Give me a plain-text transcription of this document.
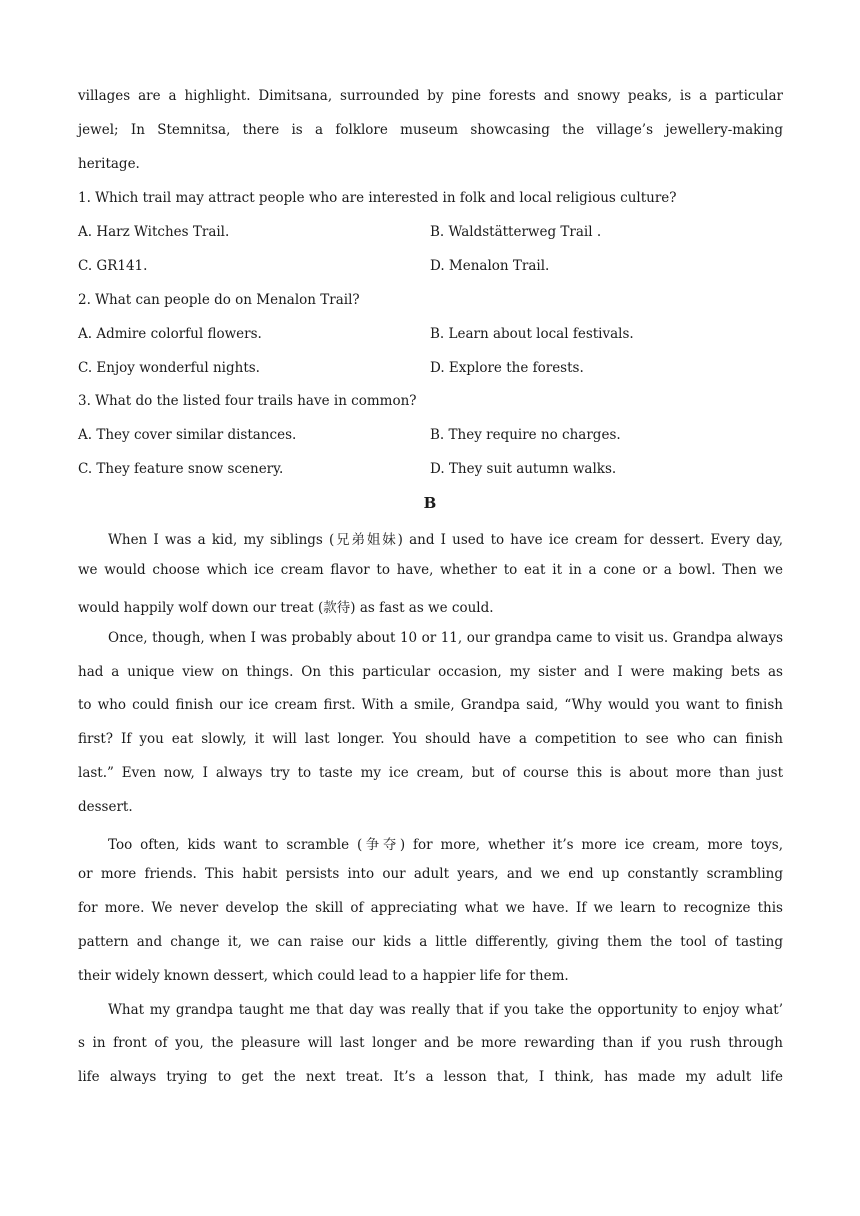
villages are a highlight. Dimitsana, surrounded by pine forests and snowy peaks, is a particular
jewel; In Stemnitsa, there is a folklore museum showcasing the village’s jewellery-making
heritage.
1. Which trail may attract people who are interested in folk and local religious culture?
A. Harz Witches Trail.	B. Waldstätterweg Trail .
C. GR141.	D. Menalon Trail.
2. What can people do on Menalon Trail?
A. Admire colorful flowers.	B. Learn about local festivals.
C. Enjoy wonderful nights.	D. Explore the forests.
3. What do the listed four trails have in common?
A. They cover similar distances.	B. They require no charges.
C. They feature snow scenery.	D. They suit autumn walks.
B
When I was a kid, my siblings (兄弟姐妹) and I used to have ice cream for dessert. Every day,
we would choose which ice cream flavor to have, whether to eat it in a cone or a bowl. Then we
would happily wolf down our treat (款待) as fast as we could.
Once, though, when I was probably about 10 or 11, our grandpa came to visit us. Grandpa always
had a unique view on things. On this particular occasion, my sister and I were making bets as
to who could finish our ice cream first. With a smile, Grandpa said, “Why would you want to finish
first? If you eat slowly, it will last longer. You should have a competition to see who can finish
last.” Even now, I always try to taste my ice cream, but of course this is about more than just
dessert.
Too often, kids want to scramble (争夺) for more, whether it’s more ice cream, more toys,
or more friends. This habit persists into our adult years, and we end up constantly scrambling
for more. We never develop the skill of appreciating what we have. If we learn to recognize this
pattern and change it, we can raise our kids a little differently, giving them the tool of tasting
their widely known dessert, which could lead to a happier life for them.
What my grandpa taught me that day was really that if you take the opportunity to enjoy what’
s in front of you, the pleasure will last longer and be more rewarding than if you rush through
life always trying to get the next treat. It’s a lesson that, I think, has made my adult life
